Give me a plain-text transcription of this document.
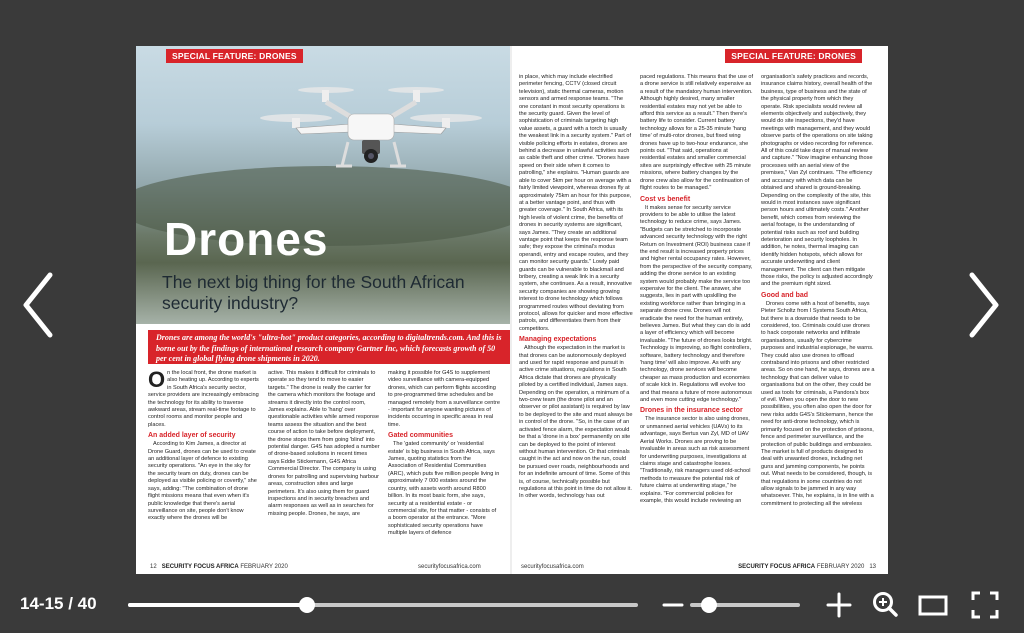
SPECIAL FEATURE: DRONES
Drones
The next big thing for the South African security industry?
Drones are among the world's "ultra-hot" product categories, according to digitaltrends.com. And this is borne out by the findings of international research company Gartner Inc, which forecasts growth of 50 per cent in global flying drone shipments in 2020.

On the local front, the drone market is also heating up. According to experts in South Africa's security sector, service providers are increasingly embracing the technology for its ability to traverse awkward areas, stream real-time footage to control rooms and monitor people and places.

An added layer of security

According to Kim James, a director at Drone Guard, drones can be used to create an additional layer of defence to existing security operations. "An eye in the sky for the security team on duty, drones can be deployed as visible policing or covertly," she says, adding: "The combination of drone flight missions means that even when it's public knowledge that there's aerial surveillance on site, people don't know exactly where the drones will be

active. This makes it difficult for criminals to operate so they tend to move to easier targets." The drone is really the carrier for the camera which monitors the footage and streams it directly into the control room, James explains. Able to 'hang' over questionable activities while armed response teams assess the situation and the best course of action to take before deployment, the drone stops them from going 'blind' into potential danger. G4S has adopted a number of drone-based solutions in recent times says Eddie Stickemann, G4S Africa Commercial Director. The company is using drones for patrolling and supervising harbour areas, construction sites and large perimeters. It's also using them for guard inspections and in security breaches and alarm responses as well as in searches for missing people. Drones, he says, are

making it possible for G4S to supplement video surveillance with camera-equipped drones, which can perform flights according to pre-programmed time schedules and be managed remotely from a surveillance centre - important for anyone wanting pictures of incidents occurring in specific areas in real time.

Gated communities

The 'gated community' or 'residential estate' is big business in South Africa, says James, quoting statistics from the Association of Residential Communities (ARC), which puts five million people living in approximately 7 000 estates around the country, with assets worth around R800 billion. In its most basic form, she says, security at a residential estate - or commercial site, for that matter - consists of a boom operator at the entrance. "More sophisticated security operations have multiple layers of defence

12 SECURITY FOCUS AFRICA FEBRUARY 2020	securityfocusafrica.com
SPECIAL FEATURE: DRONES

in place, which may include electrified perimeter fencing, CCTV (closed circuit television), static thermal cameras, motion sensors and armed response teams. "The one constant in most security operations is the security guard. Given the level of sophistication of criminals targeting high value assets, a guard with a torch is usually the weakest link in a security system." Part of visible policing efforts in estates, drones are behind a decrease in unlawful activities such as cable theft and other crime. "Drones have speed on their side when it comes to patrolling," she explains. "Human guards are able to cover 5km per hour on average with a fairly limited viewpoint, whereas drones fly at approximately 75km an hour for this purpose, at a better vantage point, and thus with greater coverage." In South Africa, with its high levels of violent crime, the benefits of drones in security systems are significant, says James. "They create an additional vantage point that keeps the response team safe; they expose the criminal's modus operandi, entry and escape routes, and they can monitor security guards." Lowly paid guards can be vulnerable to blackmail and bribery, creating a weak link in a security system, she continues. As a result, innovative security companies are showing growing interest to drone technology which follows programmed routes without deviating from protocol, allows for quicker and more effective patrols, and differentiates them from their competitors.

Managing expectations

Although the expectation in the market is that drones can be autonomously deployed and used for rapid response and pursuit in active crime situations, regulations in South Africa dictate that drones are physically piloted by a certified individual, James says. Depending on the operation, a minimum of a two-crew team (the drone pilot and an observer or pilot assistant) is required by law to be deployed to the site and must always be in control of the drone. "So, in the case of an activated fence alarm, the expectation would be that a 'drone in a box' permanently on site can be deployed to the point of interest without human intervention. Or that criminals caught in the act and now on the run, could be pursued over roads, neighbourhoods and for an indefinite amount of time. Some of this is, of course, technically possible but regulations at this point in time do not allow it. In other words, technology has out

paced regulations. This means that the use of a drone service is still relatively expensive as a result of the mandatory human intervention. Although highly desired, many smaller residential estates may not yet be able to afford this service as a result." Then there's battery life to consider. Current battery technology allows for a 25-35 minute 'hang time' of multi-rotor drones, but fixed wing drones have up to two-hour endurance, she points out. "That said, operations at residential estates and smaller commercial sites are surprisingly effective with 25 minute missions, where battery changes by the drone crew also allow for the continuation of flight routes to be managed."

Cost vs benefit

It makes sense for security service providers to be able to utilise the latest technology to reduce crime, says James. "Budgets can be stretched to incorporate advanced security technology with the right Return on Investment (ROI) business case if the end result is increased property prices and higher rental occupancy rates. However, from the perspective of the security company, adding the drone service to an existing system would probably make the service too expensive for the client. The answer, she suggests, lies in part with upskilling the existing workforce rather than bringing in a separate drone crew. Drones will not eradicate the need for the human entirely, believes James. But what they can do is add a layer of efficiency which will become invaluable. "The future of drones looks bright. Technology is improving, so flight controllers, software, battery technology and therefore 'hang time' will also improve. As with any technology, drone services will become cheaper as mass production and economies of scale kick in. Regulations will evolve too and that means a future of more autonomous and even more cutting edge technology."

Drones in the insurance sector

The insurance sector is also using drones, or unmanned aerial vehicles (UAVs) to its advantage, says Bertus van Zyl, MD of UAV Aerial Works. Drones are proving to be invaluable in areas such as risk assessment for underwriting purposes, investigations at claims stage and catastrophe losses. "Traditionally, risk managers used old-school methods to measure the potential risk of future claims at underwriting stage," he explains. "For commercial policies for example, this would include reviewing an

organisation's safety practices and records, insurance claims history, overall health of the business, type of business and the state of the physical property from which they operate. Risk specialists would review all elements objectively and subjectively, they would do site inspections, they'd have meetings with management, and they would observe parts of the operations on site taking photographs or video recording for reference. All of this could take days of manual review and capture." "Now imagine enhancing those processes with an aerial view of the premises," Van Zyl continues. "The efficiency and accuracy with which data can be obtained and shared is ground-breaking. Depending on the complexity of the site, this would in most instances save significant person hours and ultimately costs." Another benefit, which comes from reviewing the aerial footage, is the understanding of potential risks such as roof and building deterioration and security loopholes. In addition, he notes, thermal imaging can identify hidden hotspots, which allows for accurate underwriting and client management. The client can then mitigate those risks, the policy is adjusted accordingly and the premium right sized.

Good and bad

Drones come with a host of benefits, says Pieter Scholtz from I Systems South Africa, but there is a downside that needs to be considered, too. Criminals could use drones to hack corporate networks and infiltrate organisations, usually for cybercrime purposes and industrial espionage, he warns. They could also use drones to offload contraband into prisons and other restricted areas. So on one hand, he says, drones are a technology that can deliver value to organisations but on the other, they could be used as tools for criminals, a Pandora's box of evil. When you open the door to new possibilities, you often also open the door for new risks adds G4S's Stickemann, hence the need for anti-drone technology, which is primarily focused on the protection of prisons, fence and perimeter surveillance, and the protection of public buildings and embassies. The market is full of products designed to deal with unwanted drones, including net guns and jamming components, he points out. What needs to be considered, though, is that regulations in some countries do not allow signals to be jammed in any way whatsoever. This, he explains, is in line with a commitment to protecting all the wireless

securityfocusafrica.com	SECURITY FOCUS AFRICA FEBRUARY 2020 13
14-15 / 40
